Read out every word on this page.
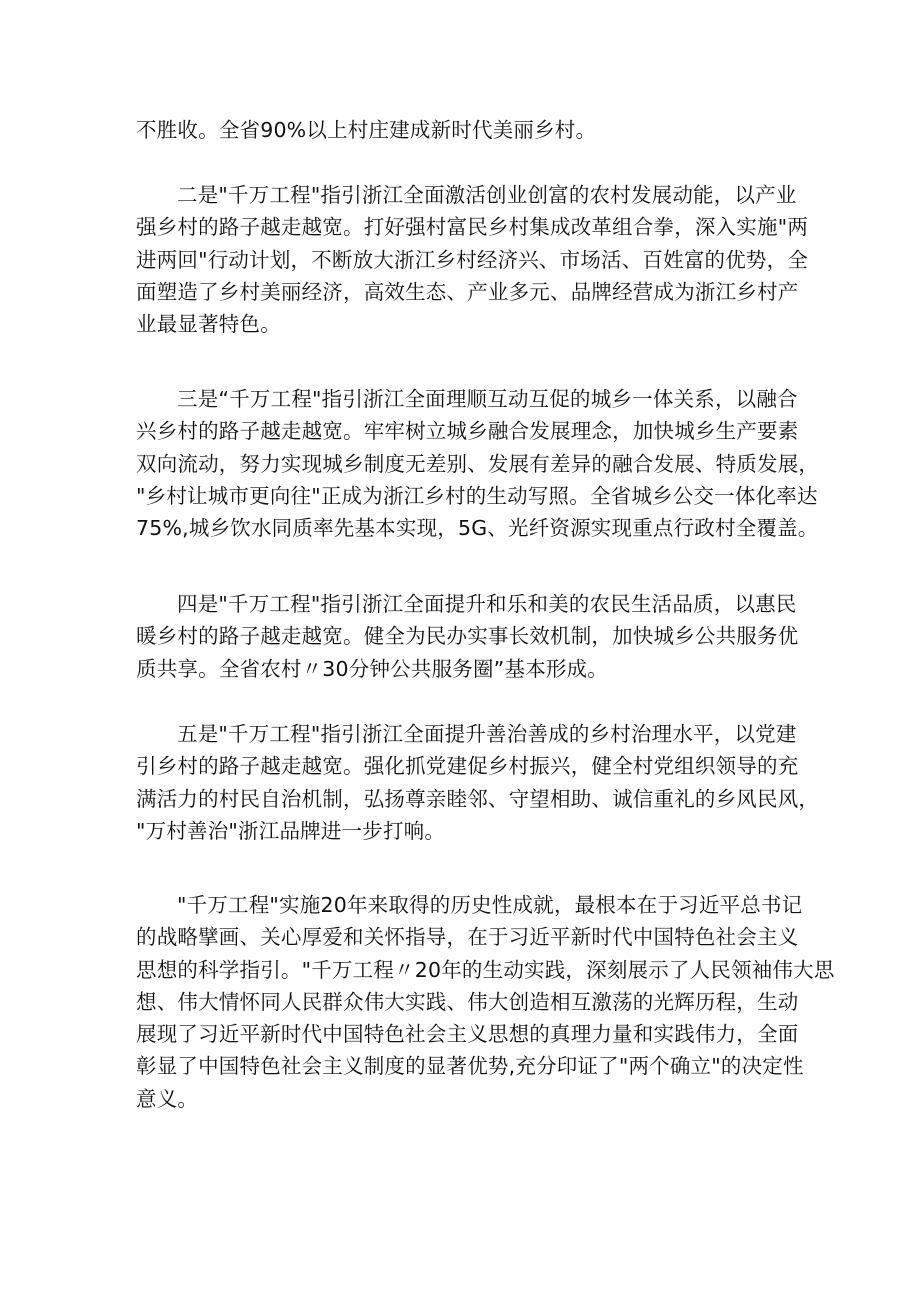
不胜收。全省90%以上村庄建成新时代美丽乡村。
二是"千万工程"指引浙江全面激活创业创富的农村发展动能，以产业
强乡村的路子越走越宽。打好强村富民乡村集成改革组合拳，深入实施"两
进两回"行动计划，不断放大浙江乡村经济兴、市场活、百姓富的优势，全
面塑造了乡村美丽经济，高效生态、产业多元、品牌经营成为浙江乡村产
业最显著特色。
三是“千万工程"指引浙江全面理顺互动互促的城乡一体关系，以融合
兴乡村的路子越走越宽。牢牢树立城乡融合发展理念，加快城乡生产要素
双向流动，努力实现城乡制度无差别、发展有差异的融合发展、特质发展，
"乡村让城市更向往"正成为浙江乡村的生动写照。全省城乡公交一体化率达
75%,城乡饮水同质率先基本实现，5G、光纤资源实现重点行政村全覆盖。
四是"千万工程"指引浙江全面提升和乐和美的农民生活品质，以惠民
暖乡村的路子越走越宽。健全为民办实事长效机制，加快城乡公共服务优
质共享。全省农村〃30分钟公共服务圈”基本形成。
五是"千万工程"指引浙江全面提升善治善成的乡村治理水平，以党建
引乡村的路子越走越宽。强化抓党建促乡村振兴，健全村党组织领导的充
满活力的村民自治机制，弘扬尊亲睦邻、守望相助、诚信重礼的乡风民风，
"万村善治"浙江品牌进一步打响。
"千万工程"实施20年来取得的历史性成就，最根本在于习近平总书记
的战略擘画、关心厚爱和关怀指导，在于习近平新时代中国特色社会主义
思想的科学指引。"千万工程〃20年的生动实践，深刻展示了人民领袖伟大思
想、伟大情怀同人民群众伟大实践、伟大创造相互激荡的光辉历程，生动
展现了习近平新时代中国特色社会主义思想的真理力量和实践伟力，全面
彰显了中国特色社会主义制度的显著优势,充分印证了"两个确立"的决定性
意义。
